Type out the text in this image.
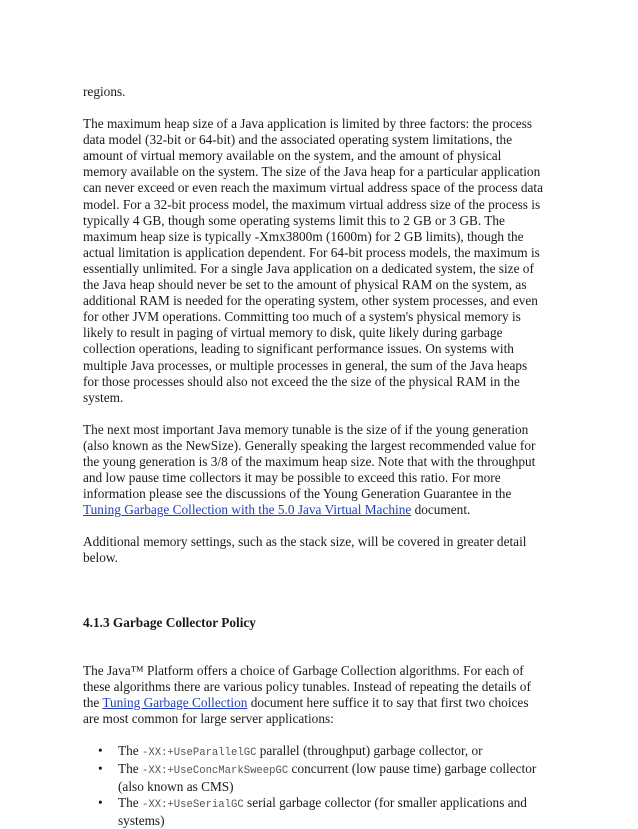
regions.

The maximum heap size of a Java application is limited by three factors: the process data model (32-bit or 64-bit) and the associated operating system limitations, the amount of virtual memory available on the system, and the amount of physical memory available on the system. The size of the Java heap for a particular application can never exceed or even reach the maximum virtual address space of the process data model. For a 32-bit process model, the maximum virtual address size of the process is typically 4 GB, though some operating systems limit this to 2 GB or 3 GB. The maximum heap size is typically -Xmx3800m (1600m) for 2 GB limits), though the actual limitation is application dependent. For 64-bit process models, the maximum is essentially unlimited. For a single Java application on a dedicated system, the size of the Java heap should never be set to the amount of physical RAM on the system, as additional RAM is needed for the operating system, other system processes, and even for other JVM operations. Committing too much of a system's physical memory is likely to result in paging of virtual memory to disk, quite likely during garbage collection operations, leading to significant performance issues. On systems with multiple Java processes, or multiple processes in general, the sum of the Java heaps for those processes should also not exceed the the size of the physical RAM in the system.

The next most important Java memory tunable is the size of if the young generation (also known as the NewSize). Generally speaking the largest recommended value for the young generation is 3/8 of the maximum heap size. Note that with the throughput and low pause time collectors it may be possible to exceed this ratio. For more information please see the discussions of the Young Generation Guarantee in the Tuning Garbage Collection with the 5.0 Java Virtual Machine document.

Additional memory settings, such as the stack size, will be covered in greater detail below.

4.1.3 Garbage Collector Policy

The Java™ Platform offers a choice of Garbage Collection algorithms. For each of these algorithms there are various policy tunables. Instead of repeating the details of the Tuning Garbage Collection document here suffice it to say that first two choices are most common for large server applications:

• The -XX:+UseParallelGC parallel (throughput) garbage collector, or
• The -XX:+UseConcMarkSweepGC concurrent (low pause time) garbage collector (also known as CMS)
• The -XX:+UseSerialGC serial garbage collector (for smaller applications and systems)
